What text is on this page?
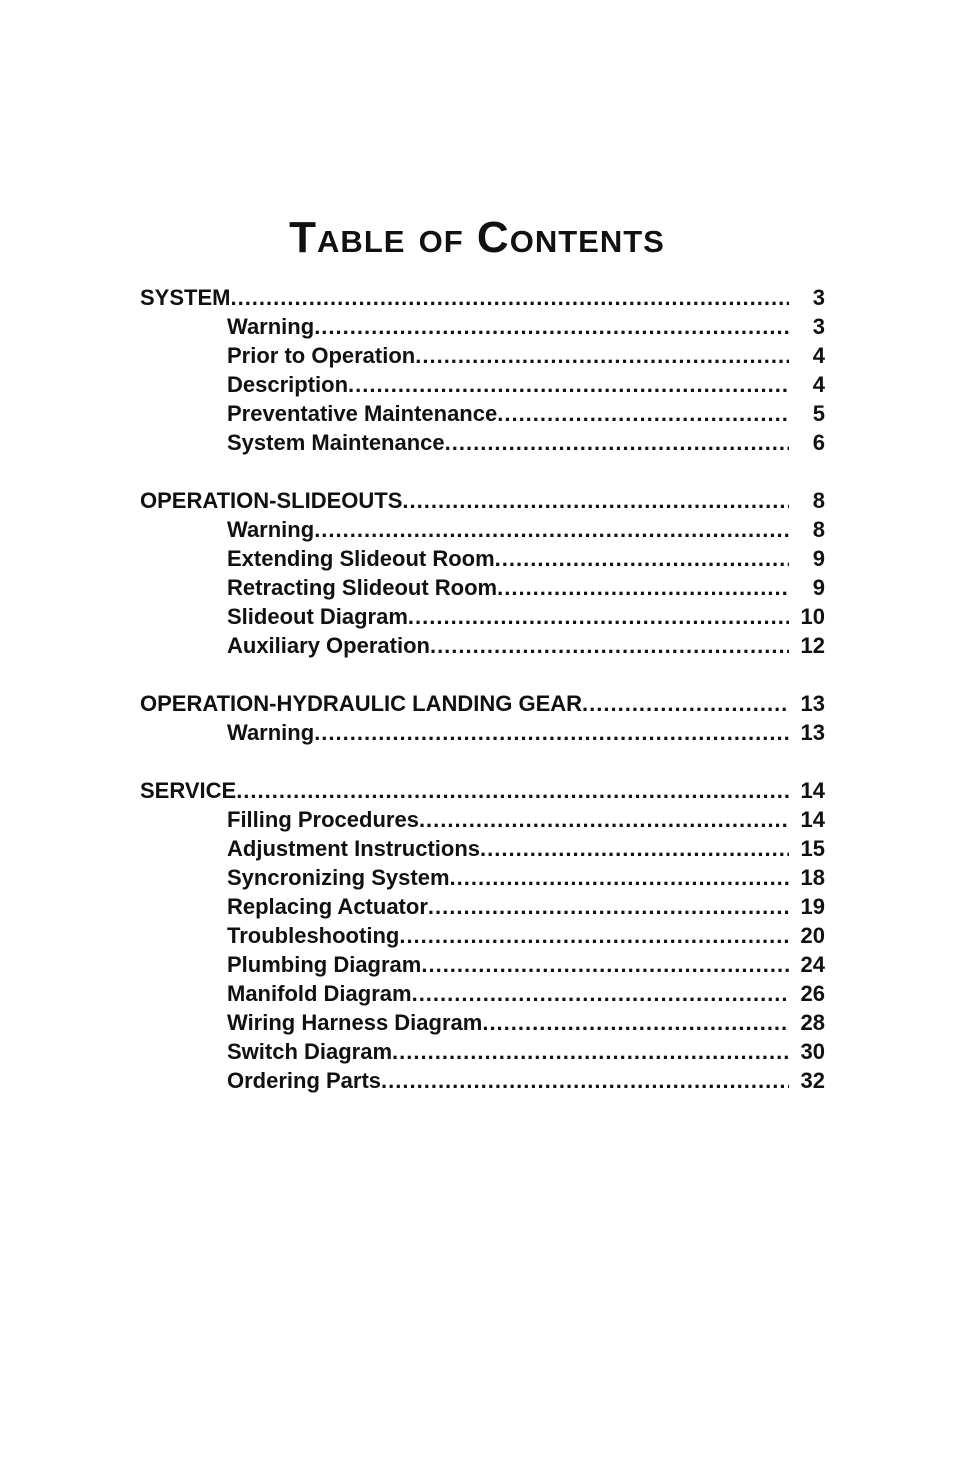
Table of Contents
SYSTEM .....	3
Warning .....	3
Prior to Operation .....	4
Description .....	4
Preventative Maintenance .....	5
System Maintenance .....	6
OPERATION-SLIDEOUTS .....	8
Warning .....	8
Extending Slideout Room .....	9
Retracting Slideout Room .....	9
Slideout Diagram .....	10
Auxiliary Operation .....	12
OPERATION-HYDRAULIC LANDING GEAR .....	13
Warning .....	13
SERVICE .....	14
Filling Procedures .....	14
Adjustment Instructions .....	15
Syncronizing System .....	18
Replacing Actuator .....	19
Troubleshooting .....	20
Plumbing Diagram .....	24
Manifold Diagram .....	26
Wiring Harness Diagram .....	28
Switch Diagram .....	30
Ordering Parts .....	32
